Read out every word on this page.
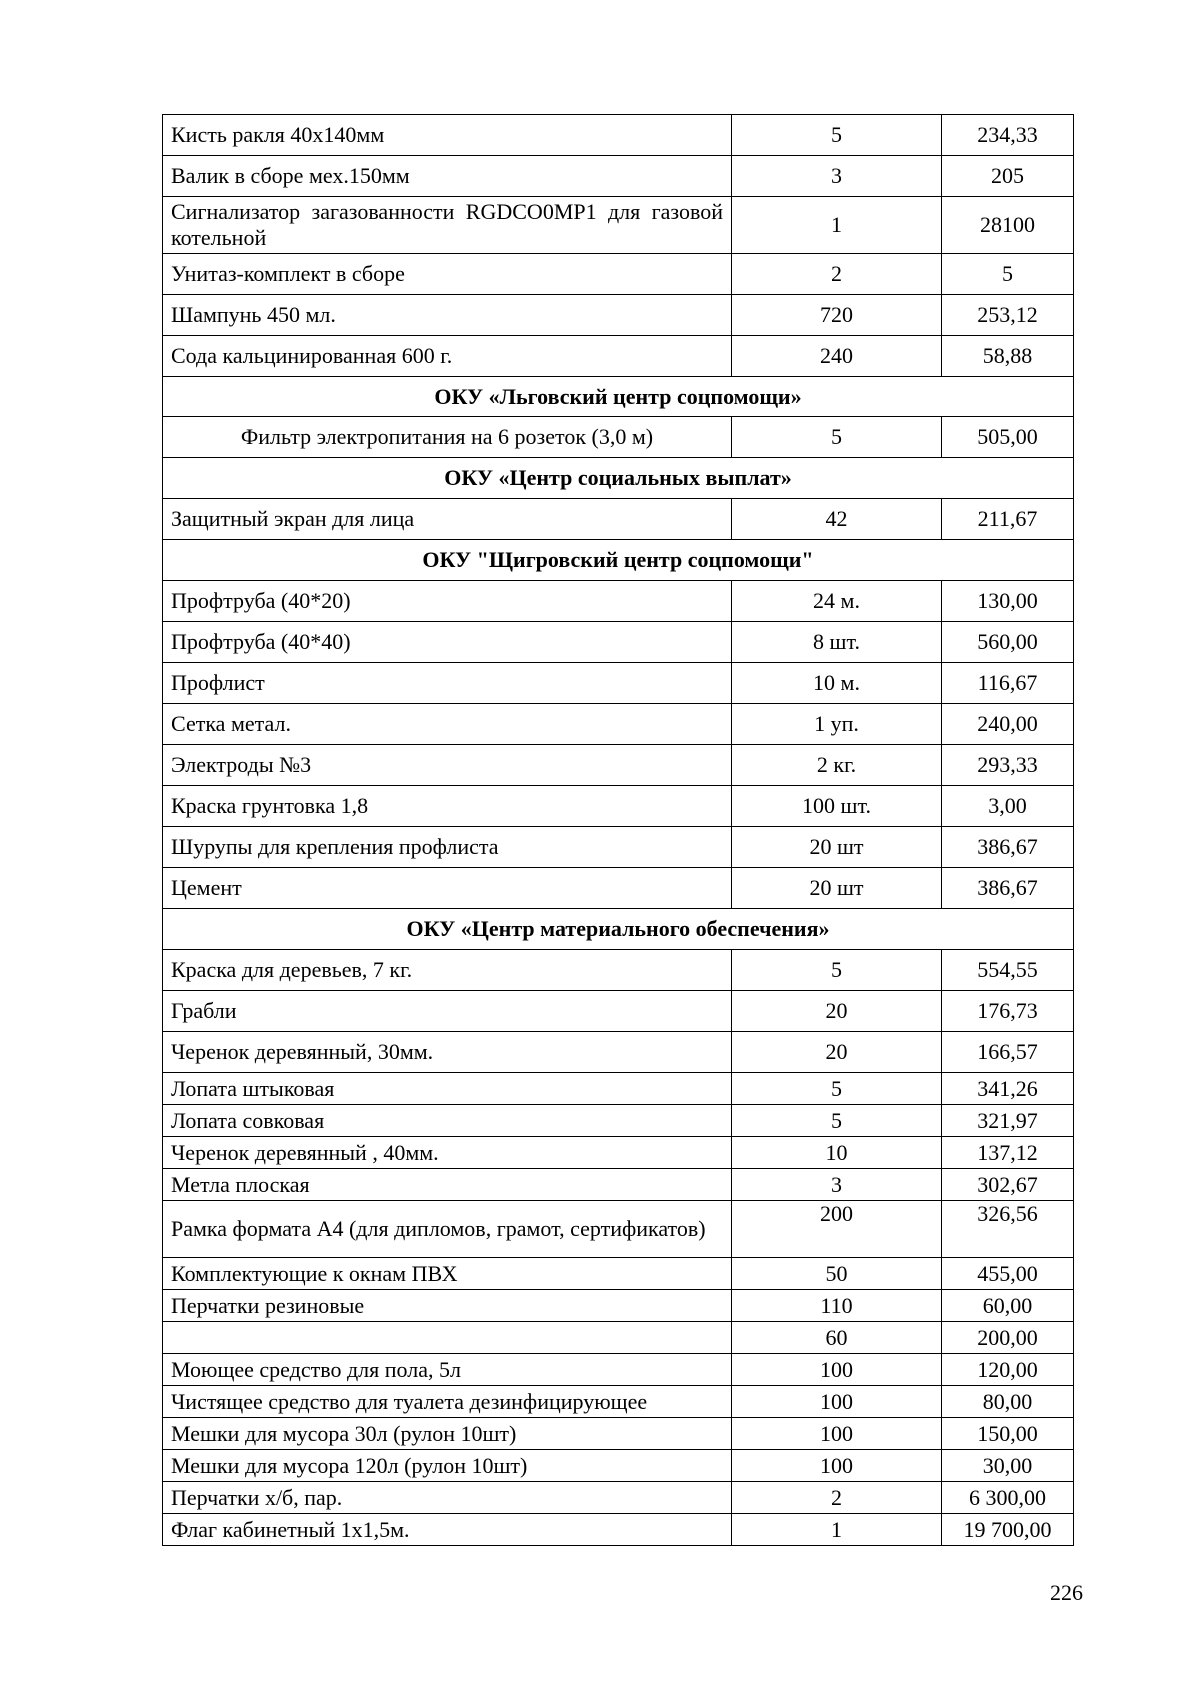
Кисть ракля 40х140мм	5	234,33
Валик в сборе мех.150мм	3	205
Сигнализатор загазованности RGDCO0MP1 для газовой котельной	1	28100
Унитаз-комплект в сборе	2	5
Шампунь 450 мл.	720	253,12
Сода кальцинированная 600 г.	240	58,88
ОКУ «Льговский центр соцпомощи»		
Фильтр электропитания на 6 розеток (3,0 м)	5	505,00
ОКУ «Центр социальных выплат»		
Защитный экран для лица	42	211,67
ОКУ "Щигровский центр соцпомощи"		
Профтруба (40*20)	24 м.	130,00
Профтруба (40*40)	8 шт.	560,00
Профлист	10 м.	116,67
Сетка метал.	1 уп.	240,00
Электроды №3	2 кг.	293,33
Краска грунтовка 1,8	100 шт.	3,00
Шурупы для крепления профлиста	20 шт	386,67
Цемент	20 шт	386,67
ОКУ «Центр материального обеспечения»		
Краска для деревьев, 7 кг.	5	554,55
Грабли	20	176,73
Черенок деревянный, 30мм.	20	166,57
Лопата штыковая	5	341,26
Лопата совковая	5	321,97
Черенок деревянный , 40мм.	10	137,12
Метла плоская	3	302,67
Рамка формата А4 (для дипломов, грамот, сертификатов)	200	326,56
Комплектующие к окнам ПВХ	50	455,00
Перчатки резиновые	110	60,00
	60	200,00
Моющее средство для пола, 5л	100	120,00
Чистящее средство для туалета дезинфицирующее	100	80,00
Мешки для мусора 30л (рулон 10шт)	100	150,00
Мешки для мусора 120л (рулон 10шт)	100	30,00
Перчатки х/б, пар.	2	6 300,00
Флаг кабинетный 1х1,5м.	1	19 700,00
226
